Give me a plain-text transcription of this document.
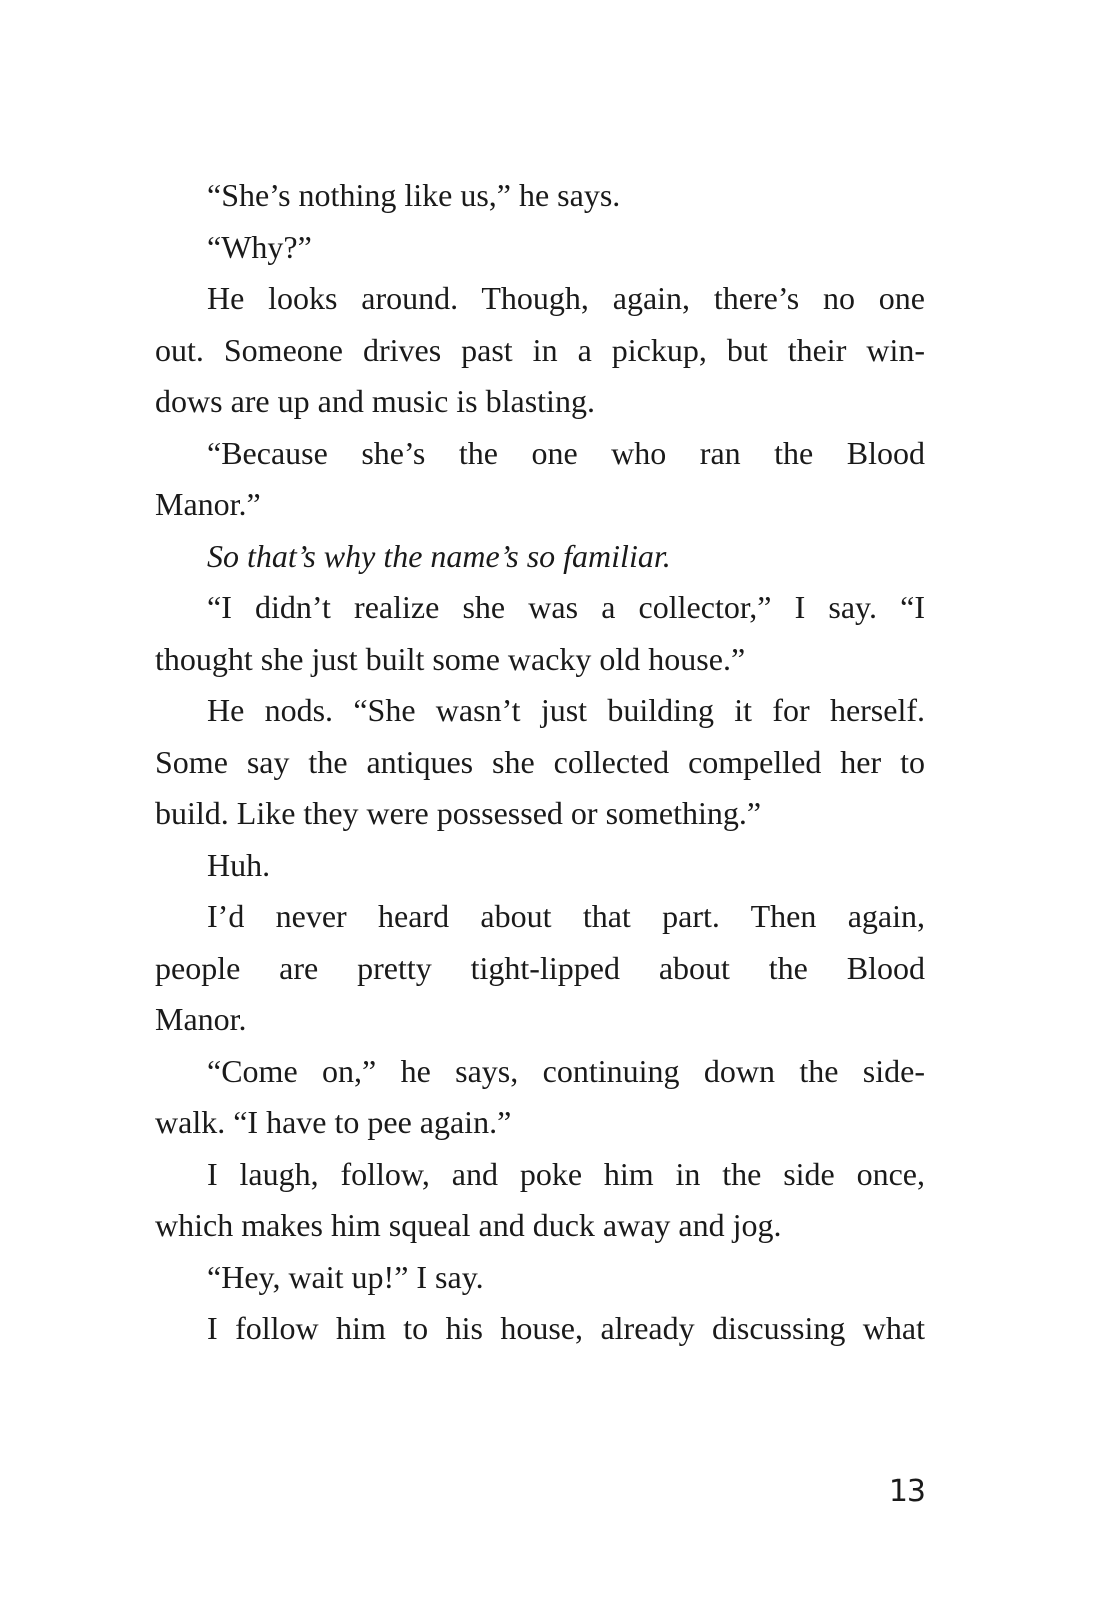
“She’s nothing like us,” he says.

“Why?”

He looks around. Though, again, there’s no one

out. Someone drives past in a pickup, but their win-

dows are up and music is blasting.

“Because she’s the one who ran the Blood

Manor.”

So that’s why the name’s so familiar.

“I didn’t realize she was a collector,” I say. “I

thought she just built some wacky old house.”

He nods. “She wasn’t just building it for herself.

Some say the antiques she collected compelled her to

build. Like they were possessed or something.”

Huh.

I’d never heard about that part. Then again,

people are pretty tight-lipped about the Blood

Manor.

“Come on,” he says, continuing down the side-

walk. “I have to pee again.”

I laugh, follow, and poke him in the side once,

which makes him squeal and duck away and jog.

“Hey, wait up!” I say.

I follow him to his house, already discussing what

13
